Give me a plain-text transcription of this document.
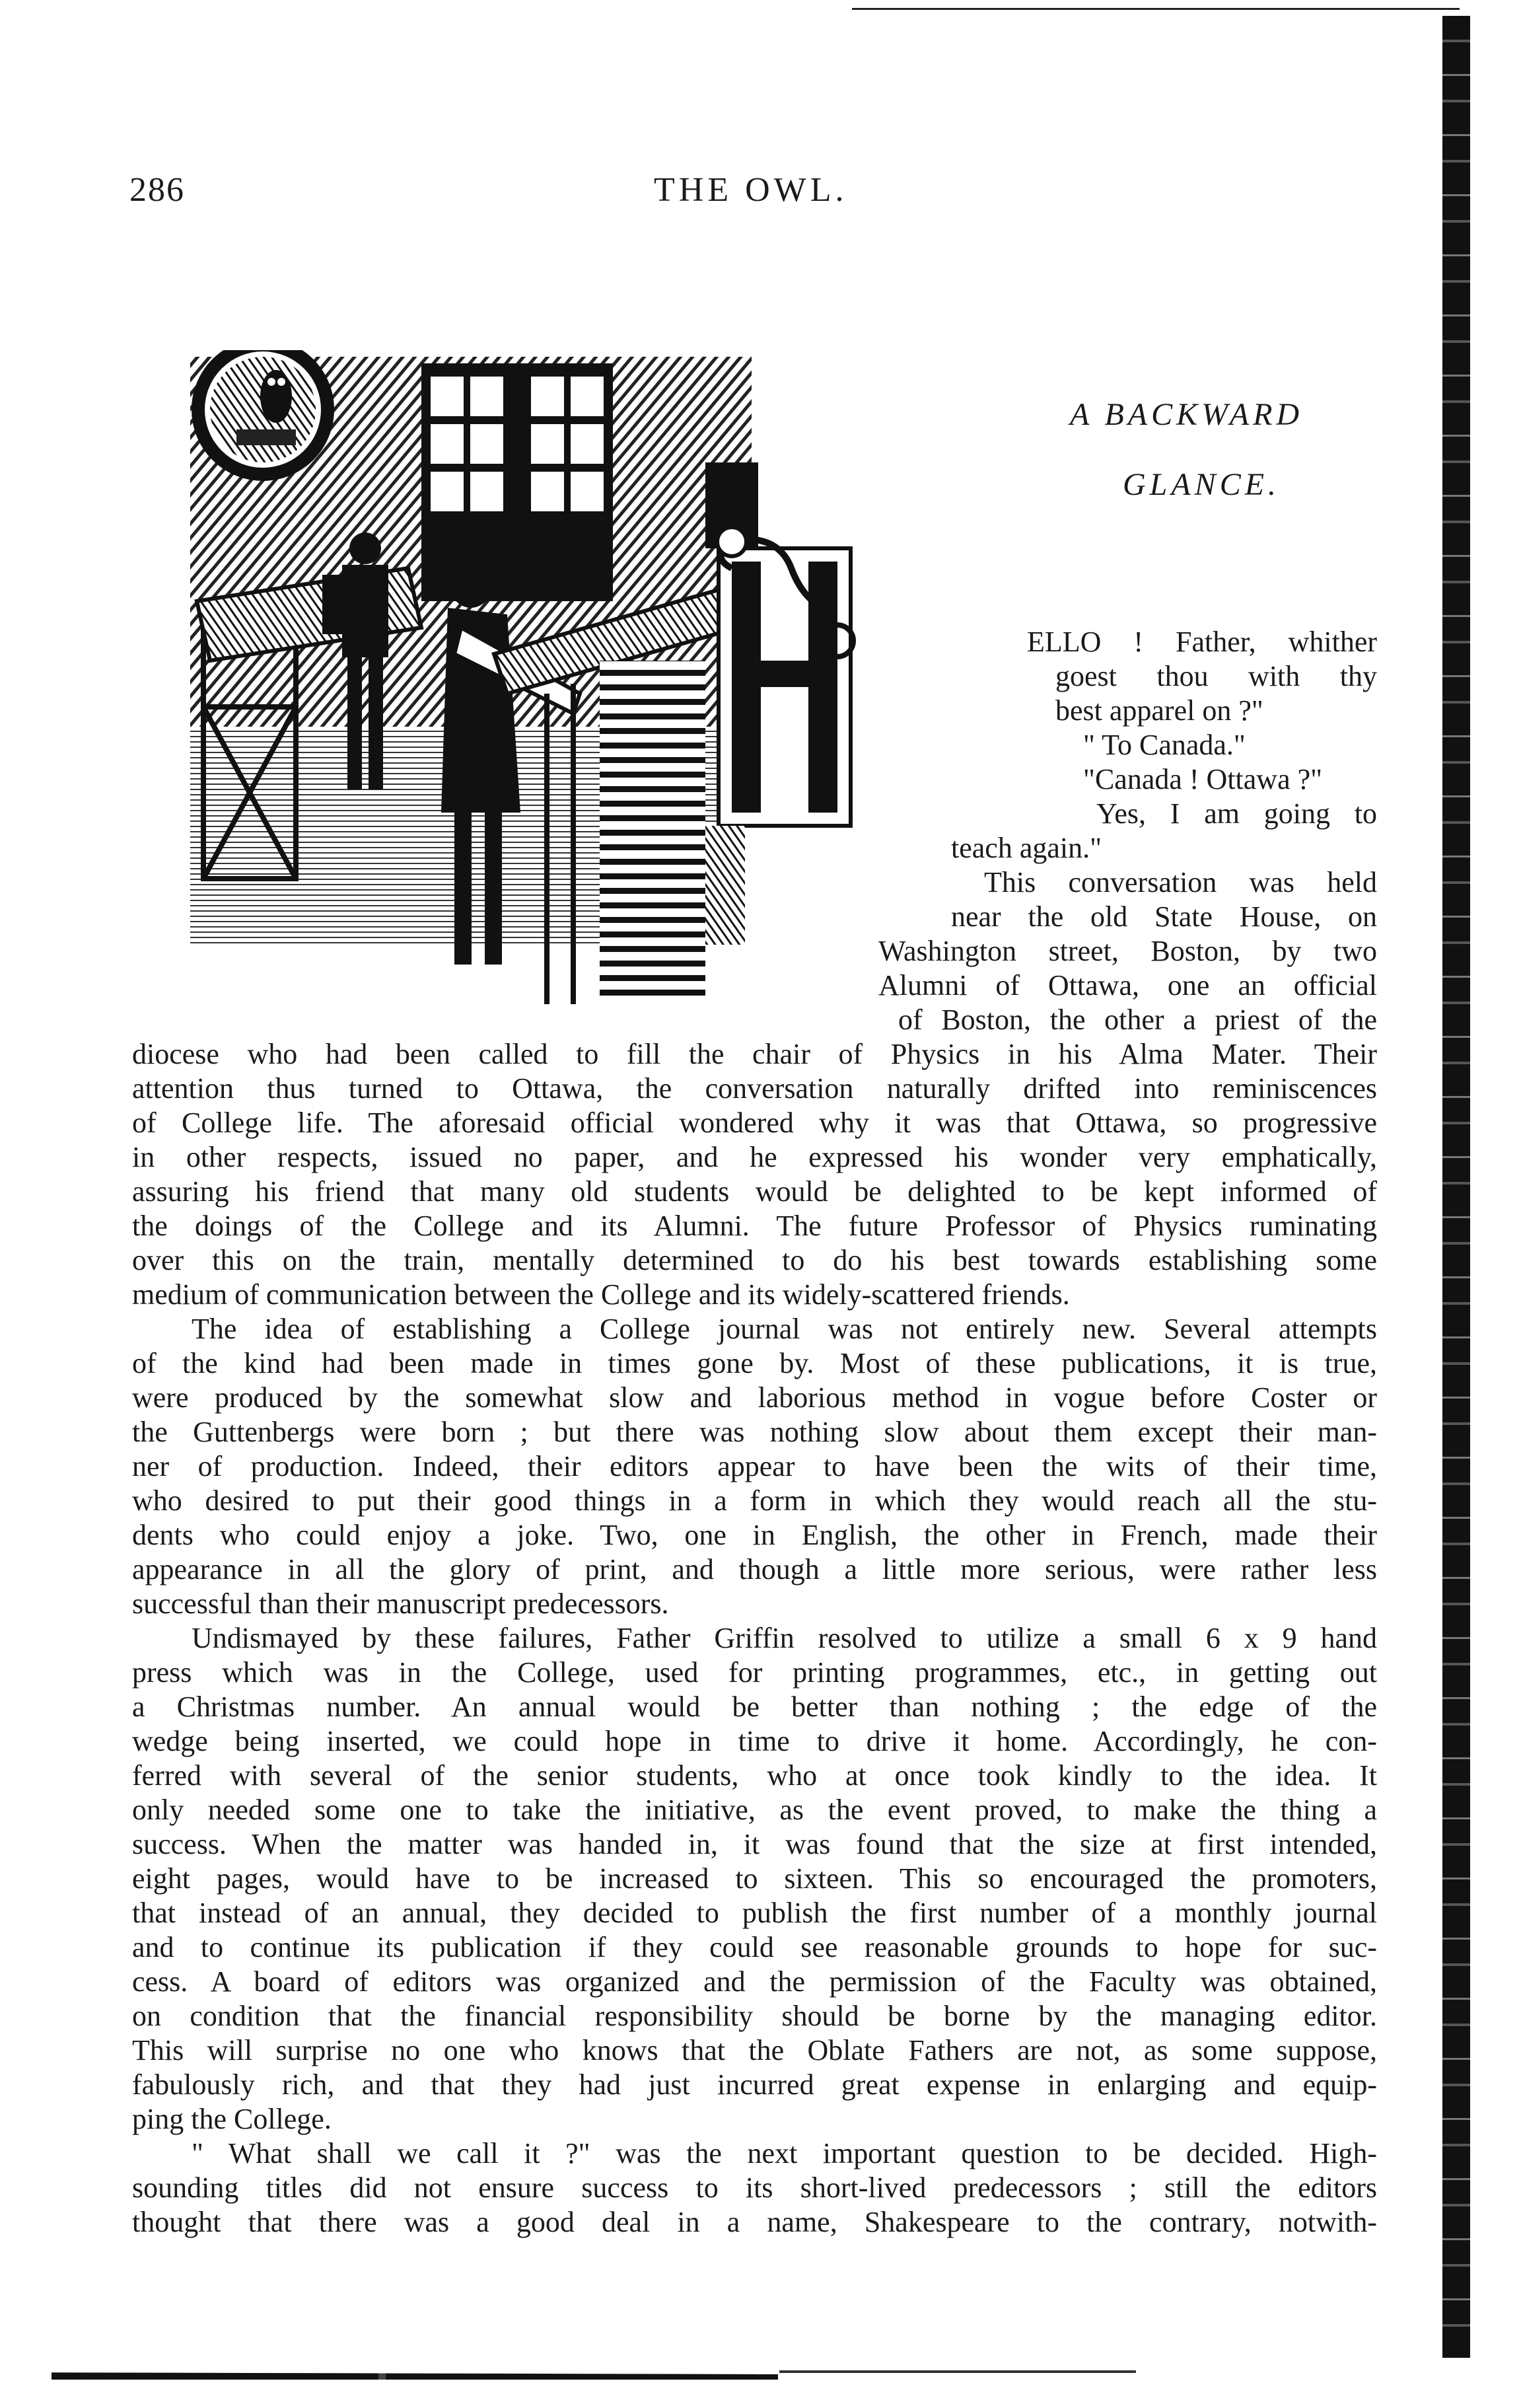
286	THE OWL.
A BACKWARD
GLANCE.
ELLO ! Father, whither
goest thou with thy
best apparel on ?"
" To Canada."
"Canada ! Ottawa ?"
Yes, I am going to
teach again."
This conversation was held
near the old State House, on
Washington street, Boston, by two
Alumni of Ottawa, one an official
of Boston, the other a priest of the
diocese who had been called to fill the chair of Physics in his Alma Mater. Their
attention thus turned to Ottawa, the conversation naturally drifted into reminiscences
of College life. The aforesaid official wondered why it was that Ottawa, so progressive
in other respects, issued no paper, and he expressed his wonder very emphatically,
assuring his friend that many old students would be delighted to be kept informed of
the doings of the College and its Alumni. The future Professor of Physics ruminating
over this on the train, mentally determined to do his best towards establishing some
medium of communication between the College and its widely-scattered friends.
The idea of establishing a College journal was not entirely new. Several attempts
of the kind had been made in times gone by. Most of these publications, it is true,
were produced by the somewhat slow and laborious method in vogue before Coster or
the Guttenbergs were born ; but there was nothing slow about them except their man-
ner of production. Indeed, their editors appear to have been the wits of their time,
who desired to put their good things in a form in which they would reach all the stu-
dents who could enjoy a joke. Two, one in English, the other in French, made their
appearance in all the glory of print, and though a little more serious, were rather less
successful than their manuscript predecessors.
Undismayed by these failures, Father Griffin resolved to utilize a small 6 x 9 hand
press which was in the College, used for printing programmes, etc., in getting out
a Christmas number. An annual would be better than nothing ; the edge of the
wedge being inserted, we could hope in time to drive it home. Accordingly, he con-
ferred with several of the senior students, who at once took kindly to the idea. It
only needed some one to take the initiative, as the event proved, to make the thing a
success. When the matter was handed in, it was found that the size at first intended,
eight pages, would have to be increased to sixteen. This so encouraged the promoters,
that instead of an annual, they decided to publish the first number of a monthly journal
and to continue its publication if they could see reasonable grounds to hope for suc-
cess. A board of editors was organized and the permission of the Faculty was obtained,
on condition that the financial responsibility should be borne by the managing editor.
This will surprise no one who knows that the Oblate Fathers are not, as some suppose,
fabulously rich, and that they had just incurred great expense in enlarging and equip-
ping the College.
" What shall we call it ?" was the next important question to be decided. High-
sounding titles did not ensure success to its short-lived predecessors ; still the editors
thought that there was a good deal in a name, Shakespeare to the contrary, notwith-
